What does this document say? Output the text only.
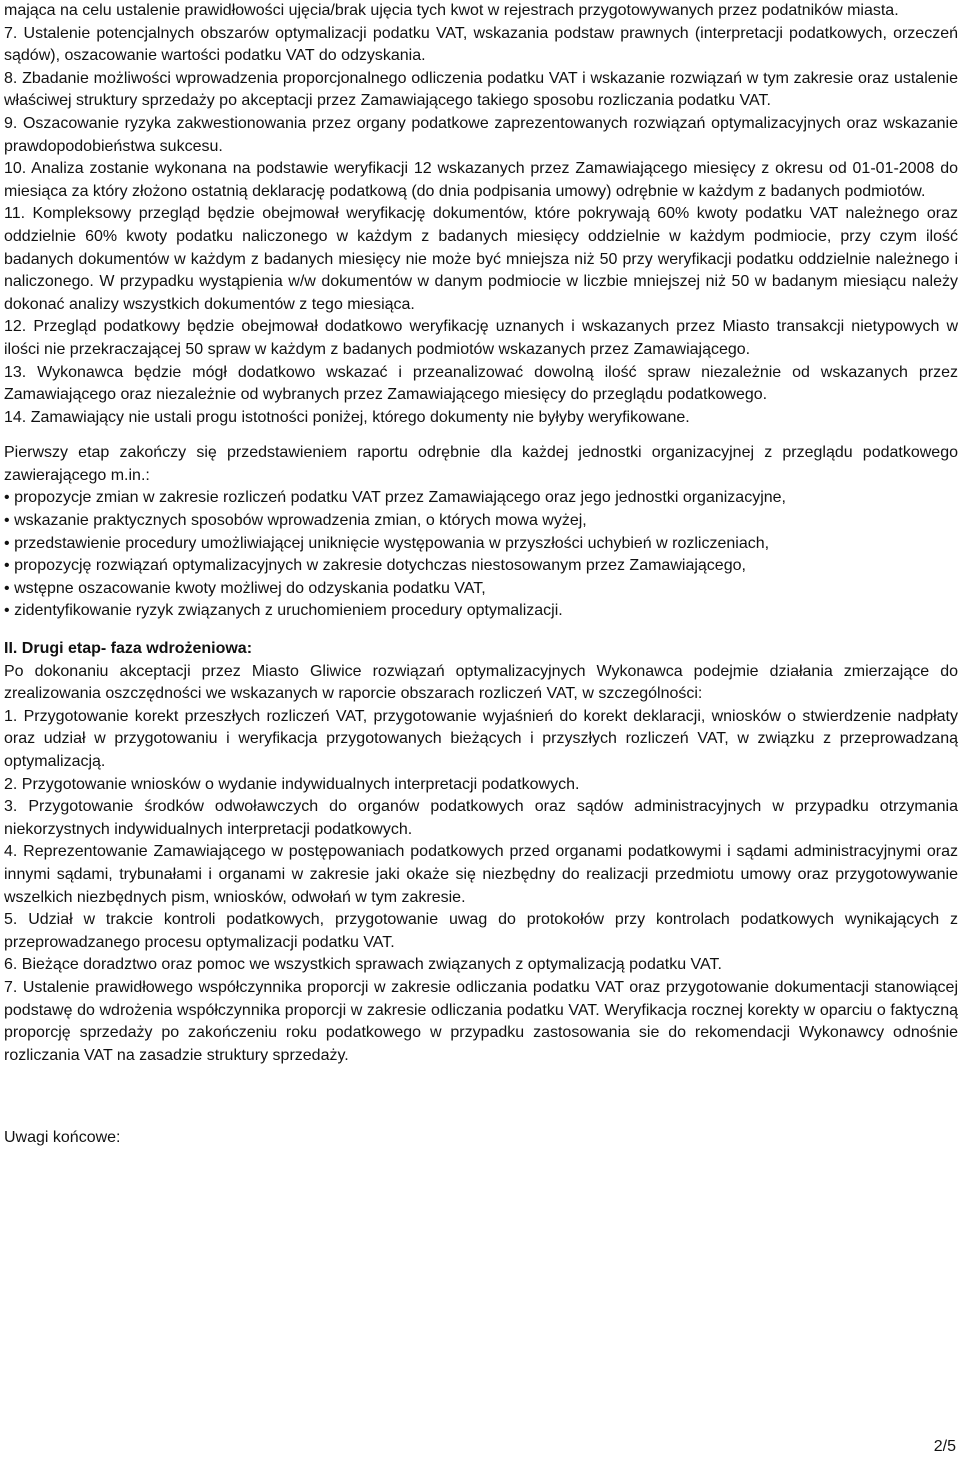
mająca na celu ustalenie prawidłowości ujęcia/brak ujęcia tych kwot w rejestrach przygotowywanych przez podatników miasta.

7. Ustalenie potencjalnych obszarów optymalizacji podatku VAT, wskazania podstaw prawnych (interpretacji podatkowych, orzeczeń sądów), oszacowanie wartości podatku VAT do odzyskania.

8. Zbadanie możliwości wprowadzenia proporcjonalnego odliczenia podatku VAT i wskazanie rozwiązań w tym zakresie oraz ustalenie właściwej struktury sprzedaży po akceptacji przez Zamawiającego takiego sposobu rozliczania podatku VAT.

9. Oszacowanie ryzyka zakwestionowania przez organy podatkowe zaprezentowanych rozwiązań optymalizacyjnych oraz wskazanie prawdopodobieństwa sukcesu.

10. Analiza zostanie wykonana na podstawie weryfikacji 12 wskazanych przez Zamawiającego miesięcy z okresu od 01-01-2008 do miesiąca za który złożono ostatnią deklarację podatkową (do dnia podpisania umowy) odrębnie w każdym z badanych podmiotów.

11. Kompleksowy przegląd będzie obejmował weryfikację dokumentów, które pokrywają 60% kwoty podatku VAT należnego oraz oddzielnie 60% kwoty podatku naliczonego w każdym z badanych miesięcy oddzielnie w każdym podmiocie, przy czym ilość badanych dokumentów w każdym z badanych miesięcy nie może być mniejsza niż 50 przy weryfikacji podatku oddzielnie należnego i naliczonego. W przypadku wystąpienia w/w dokumentów w danym podmiocie w liczbie mniejszej niż 50 w badanym miesiącu należy dokonać analizy wszystkich dokumentów z tego miesiąca.

12. Przegląd podatkowy będzie obejmował dodatkowo weryfikację uznanych i wskazanych przez Miasto transakcji nietypowych w ilości nie przekraczającej 50 spraw w każdym z badanych podmiotów wskazanych przez Zamawiającego.

13. Wykonawca będzie mógł dodatkowo wskazać i przeanalizować dowolną ilość spraw niezależnie od wskazanych przez Zamawiającego oraz niezależnie od wybranych przez Zamawiającego miesięcy do przeglądu podatkowego.

14. Zamawiający nie ustali progu istotności poniżej, którego dokumenty nie byłyby weryfikowane.

Pierwszy etap zakończy się przedstawieniem raportu odrębnie dla każdej jednostki organizacyjnej z przeglądu podatkowego zawierającego m.in.:

• propozycje zmian w zakresie rozliczeń podatku VAT przez Zamawiającego oraz jego jednostki organizacyjne,
• wskazanie praktycznych sposobów wprowadzenia zmian, o których mowa wyżej,
• przedstawienie procedury umożliwiającej uniknięcie występowania w przyszłości uchybień w rozliczeniach,
• propozycję rozwiązań optymalizacyjnych w zakresie dotychczas niestosowanym przez Zamawiającego,
• wstępne oszacowanie kwoty możliwej do odzyskania podatku VAT,
• zidentyfikowanie ryzyk związanych z uruchomieniem procedury optymalizacji.

II. Drugi etap- faza wdrożeniowa:

Po dokonaniu akceptacji przez Miasto Gliwice rozwiązań optymalizacyjnych Wykonawca podejmie działania zmierzające do zrealizowania oszczędności we wskazanych w raporcie obszarach rozliczeń VAT, w szczególności:

1. Przygotowanie korekt przeszłych rozliczeń VAT, przygotowanie wyjaśnień do korekt deklaracji, wniosków o stwierdzenie nadpłaty oraz udział w przygotowaniu i weryfikacja przygotowanych bieżących i przyszłych rozliczeń VAT, w związku z przeprowadzaną optymalizacją.

2. Przygotowanie wniosków o wydanie indywidualnych interpretacji podatkowych.

3. Przygotowanie środków odwoławczych do organów podatkowych oraz sądów administracyjnych w przypadku otrzymania niekorzystnych indywidualnych interpretacji podatkowych.

4. Reprezentowanie Zamawiającego w postępowaniach podatkowych przed organami podatkowymi i sądami administracyjnymi oraz innymi sądami, trybunałami i organami w zakresie jaki okaże się niezbędny do realizacji przedmiotu umowy oraz przygotowywanie wszelkich niezbędnych pism, wniosków, odwołań w tym zakresie.

5. Udział w trakcie kontroli podatkowych, przygotowanie uwag do protokołów przy kontrolach podatkowych wynikających z przeprowadzanego procesu optymalizacji podatku VAT.

6. Bieżące doradztwo oraz pomoc we wszystkich sprawach związanych z optymalizacją podatku VAT.

7. Ustalenie prawidłowego współczynnika proporcji w zakresie odliczania podatku VAT oraz przygotowanie dokumentacji stanowiącej podstawę do wdrożenia współczynnika proporcji w zakresie odliczania podatku VAT. Weryfikacja rocznej korekty w oparciu o faktyczną proporcję sprzedaży po zakończeniu roku podatkowego w przypadku zastosowania sie do rekomendacji Wykonawcy odnośnie rozliczania VAT na zasadzie struktury sprzedaży.

Uwagi końcowe:

2/5
